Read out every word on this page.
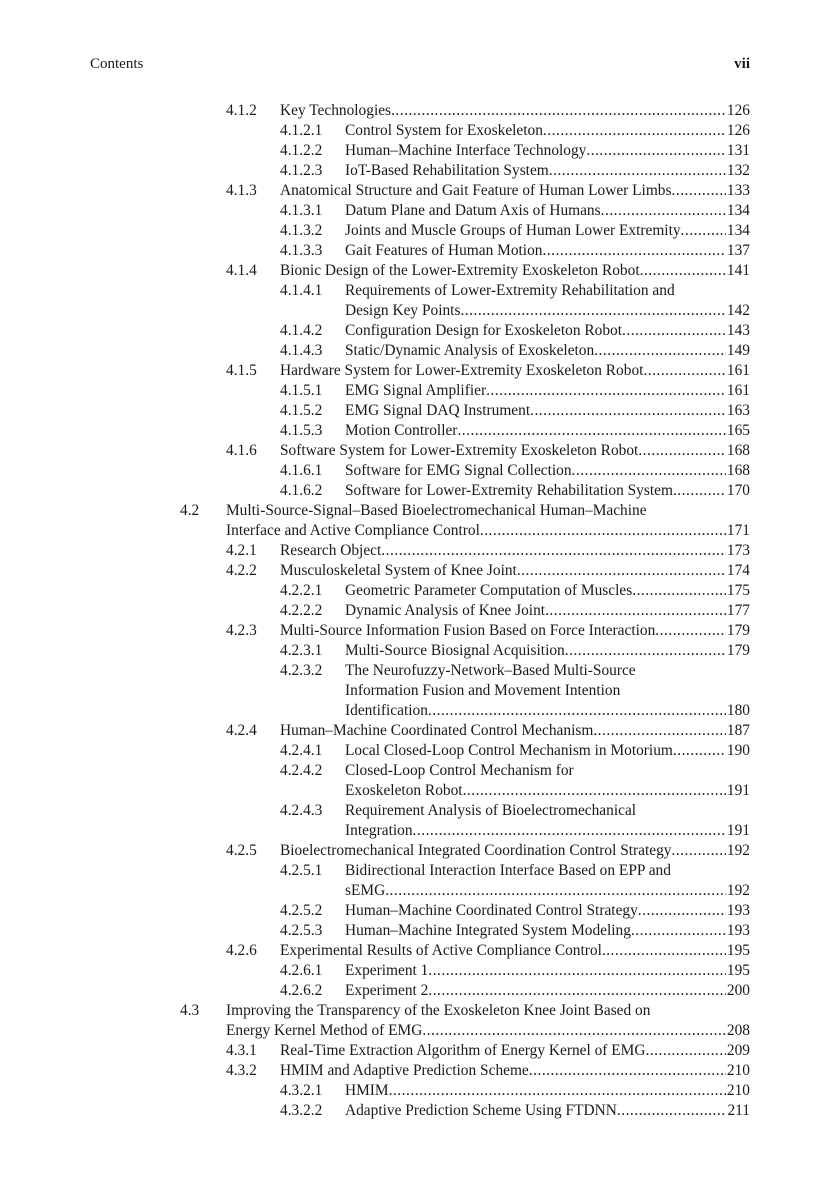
Contents	vii
4.1.2 Key Technologies .....	126
4.1.2.1 Control System for Exoskeleton .....	126
4.1.2.2 Human–Machine Interface Technology .....	131
4.1.2.3 IoT-Based Rehabilitation System .....	132
4.1.3 Anatomical Structure and Gait Feature of Human Lower Limbs .....	133
4.1.3.1 Datum Plane and Datum Axis of Humans .....	134
4.1.3.2 Joints and Muscle Groups of Human Lower Extremity .....	134
4.1.3.3 Gait Features of Human Motion .....	137
4.1.4 Bionic Design of the Lower-Extremity Exoskeleton Robot .....	141
4.1.4.1 Requirements of Lower-Extremity Rehabilitation and
Design Key Points .....	142
4.1.4.2 Configuration Design for Exoskeleton Robot .....	143
4.1.4.3 Static/Dynamic Analysis of Exoskeleton .....	149
4.1.5 Hardware System for Lower-Extremity Exoskeleton Robot .....	161
4.1.5.1 EMG Signal Amplifier .....	161
4.1.5.2 EMG Signal DAQ Instrument .....	163
4.1.5.3 Motion Controller .....	165
4.1.6 Software System for Lower-Extremity Exoskeleton Robot .....	168
4.1.6.1 Software for EMG Signal Collection .....	168
4.1.6.2 Software for Lower-Extremity Rehabilitation System .....	170
4.2 Multi-Source-Signal–Based Bioelectromechanical Human–Machine
Interface and Active Compliance Control .....	171
4.2.1 Research Object .....	173
4.2.2 Musculoskeletal System of Knee Joint .....	174
4.2.2.1 Geometric Parameter Computation of Muscles .....	175
4.2.2.2 Dynamic Analysis of Knee Joint .....	177
4.2.3 Multi-Source Information Fusion Based on Force Interaction .....	179
4.2.3.1 Multi-Source Biosignal Acquisition .....	179
4.2.3.2 The Neurofuzzy-Network–Based Multi-Source
Information Fusion and Movement Intention
Identification .....	180
4.2.4 Human–Machine Coordinated Control Mechanism .....	187
4.2.4.1 Local Closed-Loop Control Mechanism in Motorium .....	190
4.2.4.2 Closed-Loop Control Mechanism for
Exoskeleton Robot .....	191
4.2.4.3 Requirement Analysis of Bioelectromechanical
Integration .....	191
4.2.5 Bioelectromechanical Integrated Coordination Control Strategy .....	192
4.2.5.1 Bidirectional Interaction Interface Based on EPP and
sEMG .....	192
4.2.5.2 Human–Machine Coordinated Control Strategy .....	193
4.2.5.3 Human–Machine Integrated System Modeling .....	193
4.2.6 Experimental Results of Active Compliance Control .....	195
4.2.6.1 Experiment 1 .....	195
4.2.6.2 Experiment 2 .....	200
4.3 Improving the Transparency of the Exoskeleton Knee Joint Based on
Energy Kernel Method of EMG .....	208
4.3.1 Real-Time Extraction Algorithm of Energy Kernel of EMG .....	209
4.3.2 HMIM and Adaptive Prediction Scheme .....	210
4.3.2.1 HMIM .....	210
4.3.2.2 Adaptive Prediction Scheme Using FTDNN .....	211
